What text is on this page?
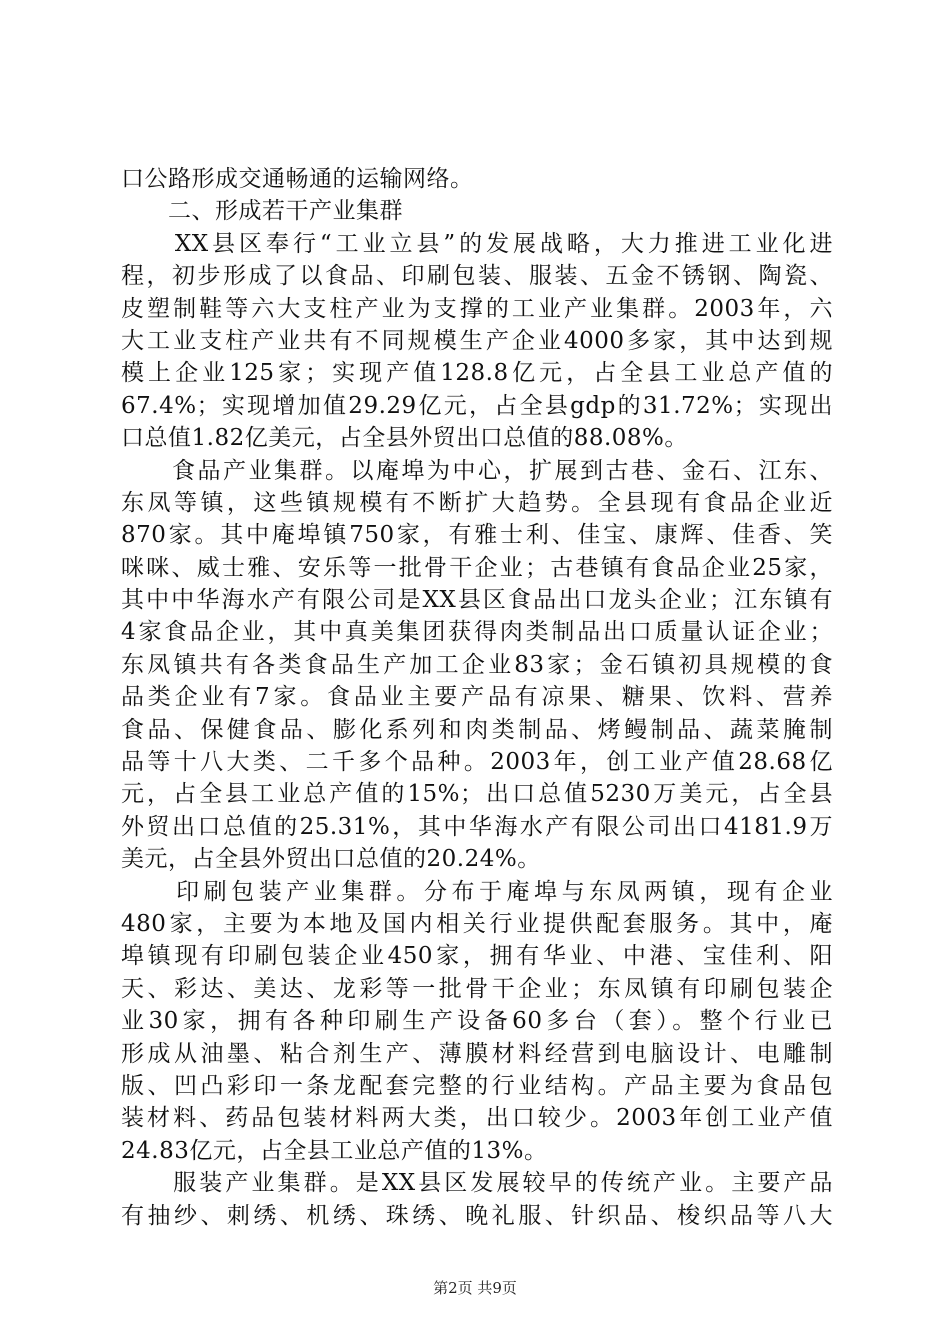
口公路形成交通畅通的运输网络。
　　二、形成若干产业集群
　　XX县区奉行“工业立县”的发展战略，大力推进工业化进
程，初步形成了以食品、印刷包装、服装、五金不锈钢、陶瓷、
皮塑制鞋等六大支柱产业为支撑的工业产业集群。2003年，六
大工业支柱产业共有不同规模生产企业4000多家，其中达到规
模上企业125家；实现产值128.8亿元，占全县工业总产值的
67.4%；实现增加值29.29亿元，占全县gdp的31.72%；实现出
口总值1.82亿美元，占全县外贸出口总值的88.08%。
　　食品产业集群。以庵埠为中心，扩展到古巷、金石、江东、
东凤等镇，这些镇规模有不断扩大趋势。全县现有食品企业近
870家。其中庵埠镇750家，有雅士利、佳宝、康辉、佳香、笑
咪咪、威士雅、安乐等一批骨干企业；古巷镇有食品企业25家，
其中中华海水产有限公司是XX县区食品出口龙头企业；江东镇有
4家食品企业，其中真美集团获得肉类制品出口质量认证企业；
东凤镇共有各类食品生产加工企业83家；金石镇初具规模的食
品类企业有7家。食品业主要产品有凉果、糖果、饮料、营养
食品、保健食品、膨化系列和肉类制品、烤鳗制品、蔬菜腌制
品等十八大类、二千多个品种。2003年，创工业产值28.68亿
元，占全县工业总产值的15%；出口总值5230万美元，占全县
外贸出口总值的25.31%，其中华海水产有限公司出口4181.9万
美元，占全县外贸出口总值的20.24%。
　　印刷包装产业集群。分布于庵埠与东凤两镇，现有企业
480家，主要为本地及国内相关行业提供配套服务。其中，庵
埠镇现有印刷包装企业450家，拥有华业、中港、宝佳利、阳
天、彩达、美达、龙彩等一批骨干企业；东凤镇有印刷包装企
业30家，拥有各种印刷生产设备60多台（套）。整个行业已
形成从油墨、粘合剂生产、薄膜材料经营到电脑设计、电雕制
版、凹凸彩印一条龙配套完整的行业结构。产品主要为食品包
装材料、药品包装材料两大类，出口较少。2003年创工业产值
24.83亿元，占全县工业总产值的13%。
　　服装产业集群。是XX县区发展较早的传统产业。主要产品
有抽纱、刺绣、机绣、珠绣、晚礼服、针织品、梭织品等八大
第2页 共9页
